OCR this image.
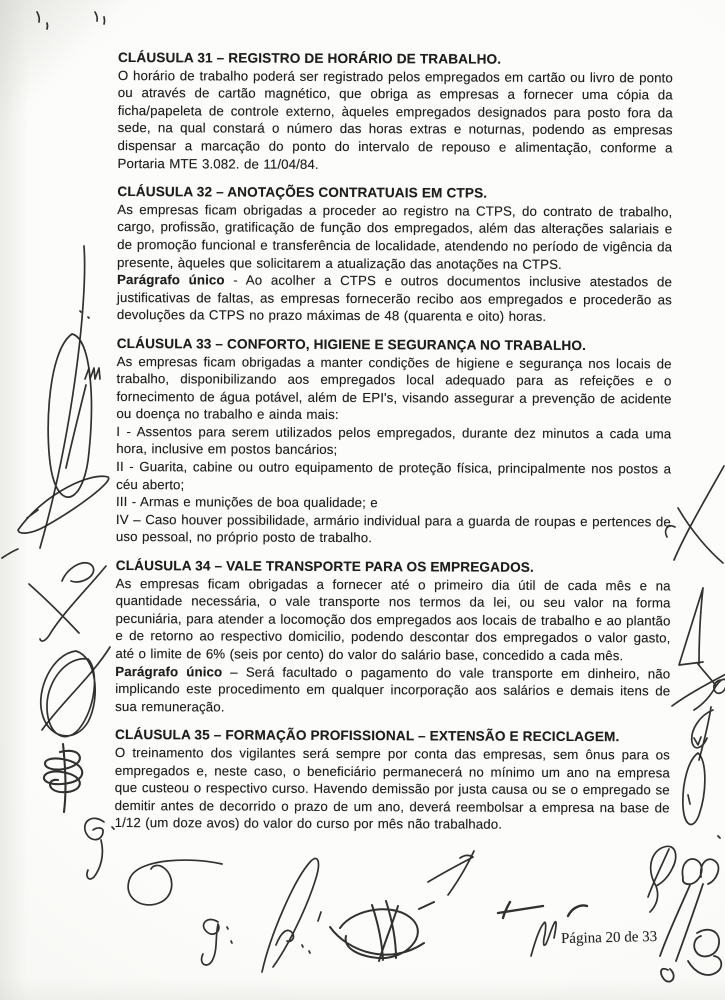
CLÁUSULA 31 – REGISTRO DE HORÁRIO DE TRABALHO.

O horário de trabalho poderá ser registrado pelos empregados em cartão ou livro de ponto ou através de cartão magnético, que obriga as empresas a fornecer uma cópia da ficha/papeleta de controle externo, àqueles empregados designados para posto fora da sede, na qual constará o número das horas extras e noturnas, podendo as empresas dispensar a marcação do ponto do intervalo de repouso e alimentação, conforme a Portaria MTE 3.082. de 11/04/84.

CLÁUSULA 32 – ANOTAÇÕES CONTRATUAIS EM CTPS.

As empresas ficam obrigadas a proceder ao registro na CTPS, do contrato de trabalho, cargo, profissão, gratificação de função dos empregados, além das alterações salariais e de promoção funcional e transferência de localidade, atendendo no período de vigência da presente, àqueles que solicitarem a atualização das anotações na CTPS.

Parágrafo único - Ao acolher a CTPS e outros documentos inclusive atestados de justificativas de faltas, as empresas fornecerão recibo aos empregados e procederão as devoluções da CTPS no prazo máximas de 48 (quarenta e oito) horas.

CLÁUSULA 33 – CONFORTO, HIGIENE E SEGURANÇA NO TRABALHO.

As empresas ficam obrigadas a manter condições de higiene e segurança nos locais de trabalho, disponibilizando aos empregados local adequado para as refeições e o fornecimento de água potável, além de EPI's, visando assegurar a prevenção de acidente ou doença no trabalho e ainda mais:

I - Assentos para serem utilizados pelos empregados, durante dez minutos a cada uma hora, inclusive em postos bancários;

II - Guarita, cabine ou outro equipamento de proteção física, principalmente nos postos a céu aberto;

III - Armas e munições de boa qualidade; e

IV – Caso houver possibilidade, armário individual para a guarda de roupas e pertences de uso pessoal, no próprio posto de trabalho.

CLÁUSULA 34 – VALE TRANSPORTE PARA OS EMPREGADOS.

As empresas ficam obrigadas a fornecer até o primeiro dia útil de cada mês e na quantidade necessária, o vale transporte nos termos da lei, ou seu valor na forma pecuniária, para atender a locomoção dos empregados aos locais de trabalho e ao plantão e de retorno ao respectivo domicilio, podendo descontar dos empregados o valor gasto, até o limite de 6% (seis por cento) do valor do salário base, concedido a cada mês.

Parágrafo único – Será facultado o pagamento do vale transporte em dinheiro, não implicando este procedimento em qualquer incorporação aos salários e demais itens de sua remuneração.

CLÁUSULA 35 – FORMAÇÃO PROFISSIONAL – EXTENSÃO E RECICLAGEM.

O treinamento dos vigilantes será sempre por conta das empresas, sem ônus para os empregados e, neste caso, o beneficiário permanecerá no mínimo um ano na empresa que custeou o respectivo curso. Havendo demissão por justa causa ou se o empregado se demitir antes de decorrido o prazo de um ano, deverá reembolsar a empresa na base de 1/12 (um doze avos) do valor do curso por mês não trabalhado.

Página 20 de 33
